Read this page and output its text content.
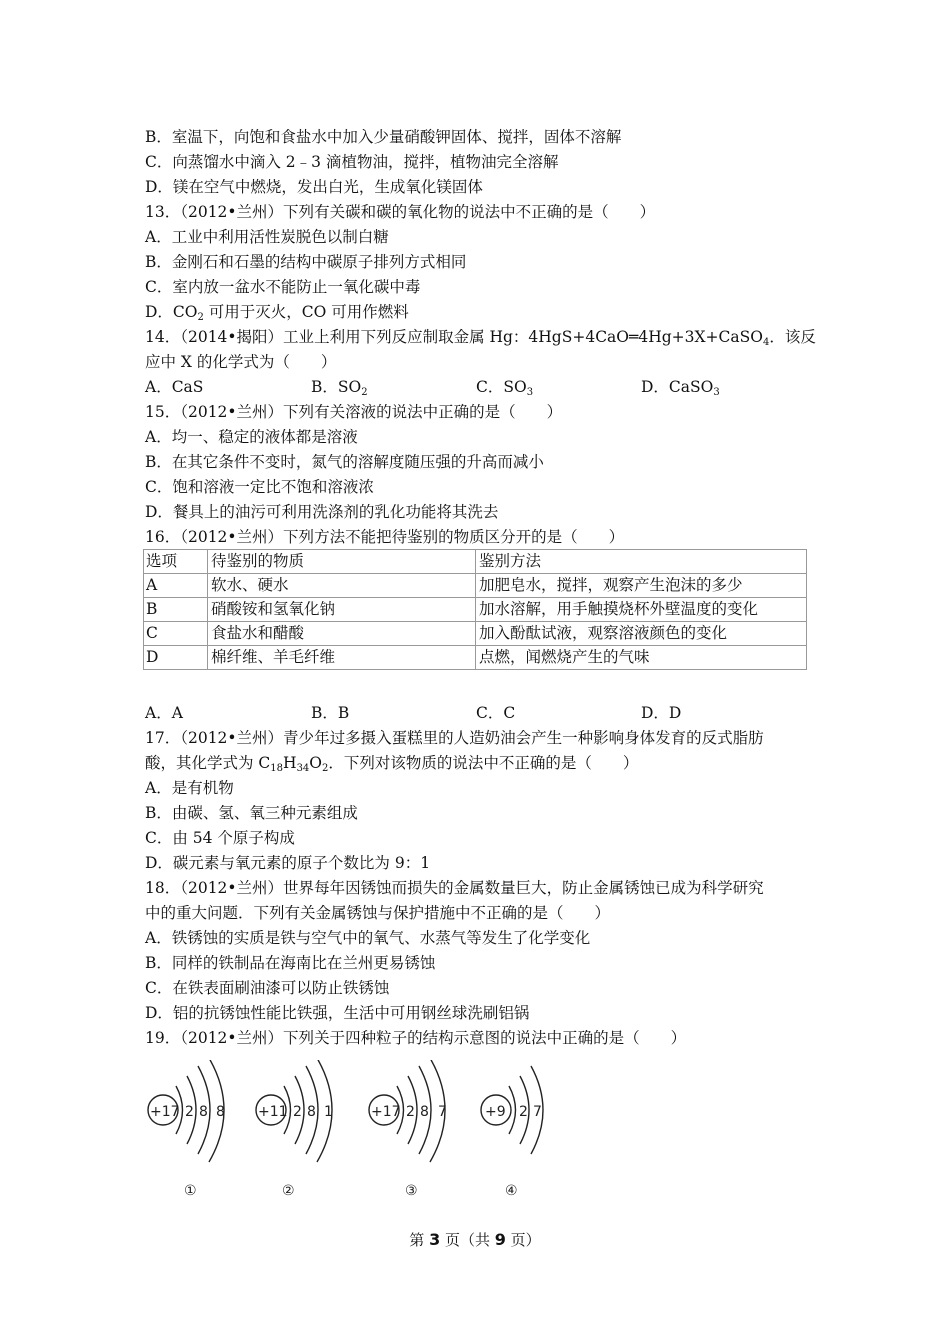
B．室温下，向饱和食盐水中加入少量硝酸钾固体、搅拌，固体不溶解
C．向蒸馏水中滴入 2﹣3 滴植物油，搅拌，植物油完全溶解
D．镁在空气中燃烧，发出白光，生成氧化镁固体
13．（2012•兰州）下列有关碳和碳的氧化物的说法中不正确的是（　　）
A．工业中利用活性炭脱色以制白糖
B．金刚石和石墨的结构中碳原子排列方式相同
C．室内放一盆水不能防止一氧化碳中毒
D．$CO_2$ 可用于灭火，CO 可用作燃料
14．（2014•揭阳）工业上利用下列反应制取金属 Hg：4HgS+4CaO═4Hg+3X+CaSO$_4$．该反
应中 X 的化学式为（　　）
A．CaS	B．$SO_2$	C．$SO_3$	D．CaSO$_3$
15．（2012•兰州）下列有关溶液的说法中正确的是（　　）
A．均一、稳定的液体都是溶液
B．在其它条件不变时，氮气的溶解度随压强的升高而减小
C．饱和溶液一定比不饱和溶液浓
D．餐具上的油污可利用洗涤剂的乳化功能将其洗去
16．（2012•兰州）下列方法不能把待鉴别的物质区分开的是（　　）
选项	待鉴别的物质	鉴别方法
A	软水、硬水	加肥皂水，搅拌，观察产生泡沫的多少
B	硝酸铵和氢氧化钠	加水溶解，用手触摸烧杯外壁温度的变化
C	食盐水和醋酸	加入酚酞试液，观察溶液颜色的变化
D	棉纤维、羊毛纤维	点燃，闻燃烧产生的气味
A．A	B．B	C．C	D．D
17．（2012•兰州）青少年过多摄入蛋糕里的人造奶油会产生一种影响身体发育的反式脂肪
酸，其化学式为 $C_{18}H_{34}O_2$．下列对该物质的说法中不正确的是（　　）
A．是有机物
B．由碳、氢、氧三种元素组成
C．由 54 个原子构成
D．碳元素与氧元素的原子个数比为 9：1
18．（2012•兰州）世界每年因锈蚀而损失的金属数量巨大，防止金属锈蚀已成为科学研究
中的重大问题．下列有关金属锈蚀与保护措施中不正确的是（　　）
A．铁锈蚀的实质是铁与空气中的氧气、水蒸气等发生了化学变化
B．同样的铁制品在海南比在兰州更易锈蚀
C．在铁表面刷油漆可以防止铁锈蚀
D．铝的抗锈蚀性能比铁强，生活中可用钢丝球洗刷铝锅
19．（2012•兰州）下列关于四种粒子的结构示意图的说法中正确的是（　　）
+17 2 8 8
①
+11 2 8 1
②
+17 2 8 7
③
+9 2 7
④
第 3 页（共 9 页）
